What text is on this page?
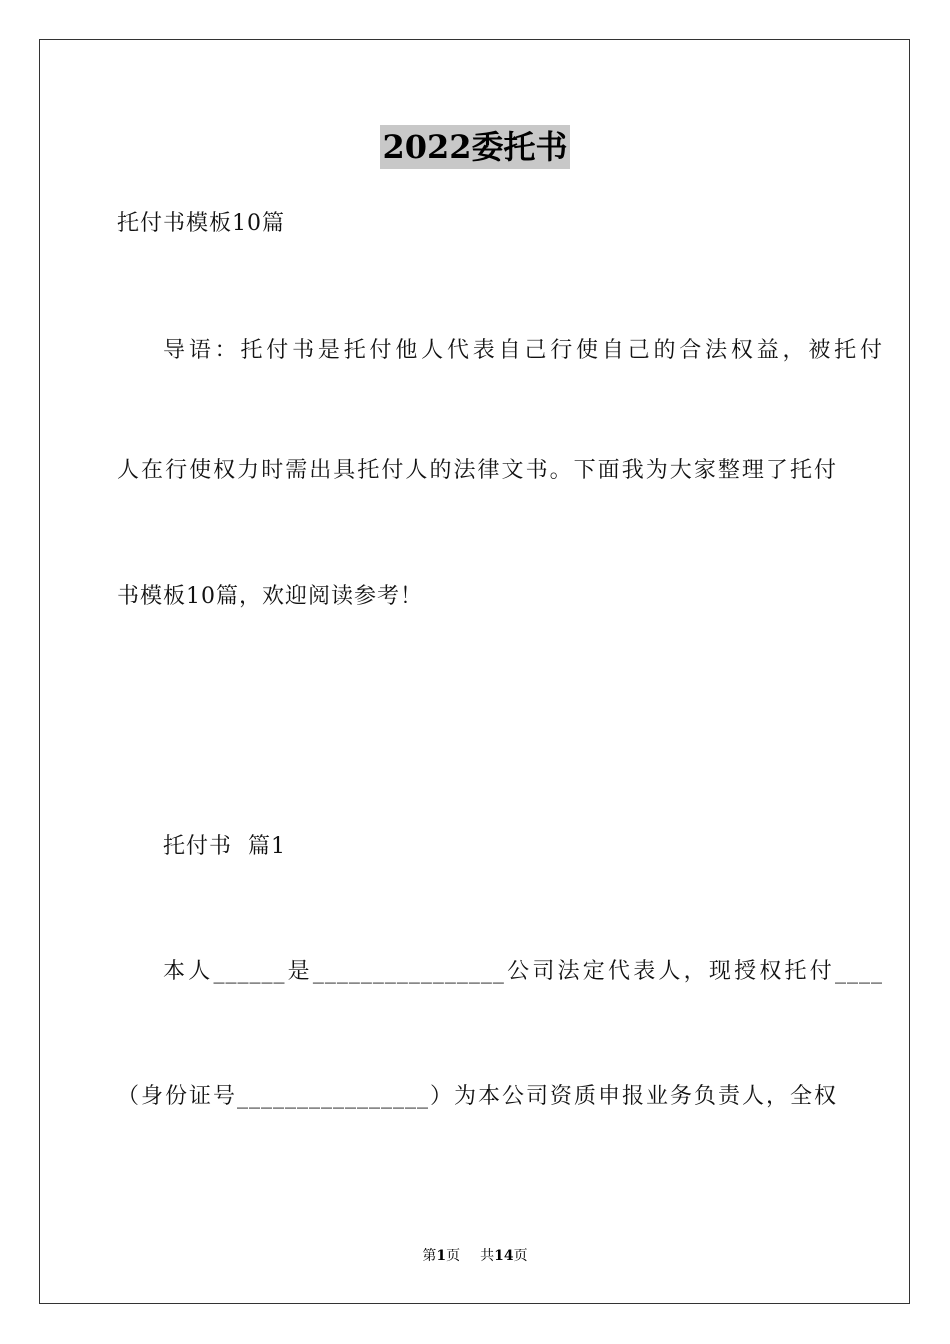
2022委托书
托付书模板10篇
导语：托付书是托付他人代表自己行使自己的合法权益，被托付
人在行使权力时需出具托付人的法律文书。下面我为大家整理了托付
书模板10篇，欢迎阅读参考！
托付书  篇1
本人______是________________公司法定代表人，现授权托付____
（身份证号________________）为本公司资质申报业务负责人，全权
第1页 共14页
